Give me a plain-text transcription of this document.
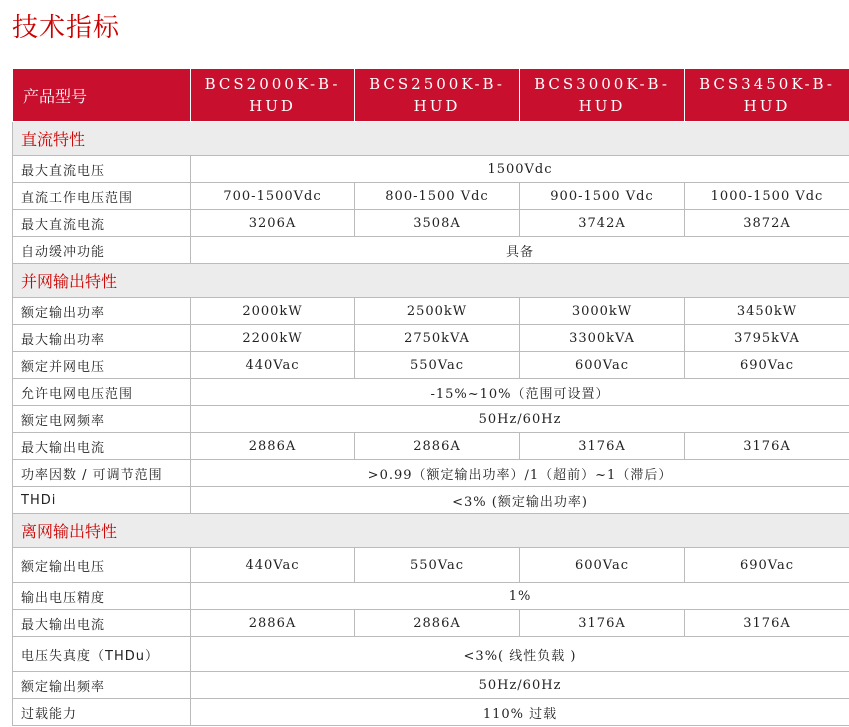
技术指标
产品型号	BCS2000K-B-HUD	BCS2500K-B-HUD	BCS3000K-B-HUD	BCS3450K-B-HUD
直流特性				
最大直流电压	1500Vdc			
直流工作电压范围	700-1500Vdc	800-1500 Vdc	900-1500 Vdc	1000-1500 Vdc
最大直流电流	3206A	3508A	3742A	3872A
自动缓冲功能	具备			
并网输出特性				
额定输出功率	2000kW	2500kW	3000kW	3450kW
最大输出功率	2200kW	2750kVA	3300kVA	3795kVA
额定并网电压	440Vac	550Vac	600Vac	690Vac
允许电网电压范围	-15%~10%（范围可设置）			
额定电网频率	50Hz/60Hz			
最大输出电流	2886A	2886A	3176A	3176A
功率因数 / 可调节范围	>0.99（额定输出功率）/1（超前）~1（滞后）			
THDi	<3% (额定输出功率)			
离网输出特性				
额定输出电压	440Vac	550Vac	600Vac	690Vac
输出电压精度	1%			
最大输出电流	2886A	2886A	3176A	3176A
电压失真度（THDu）	<3%( 线性负载 )			
额定输出频率	50Hz/60Hz			
过载能力	110% 过载			
